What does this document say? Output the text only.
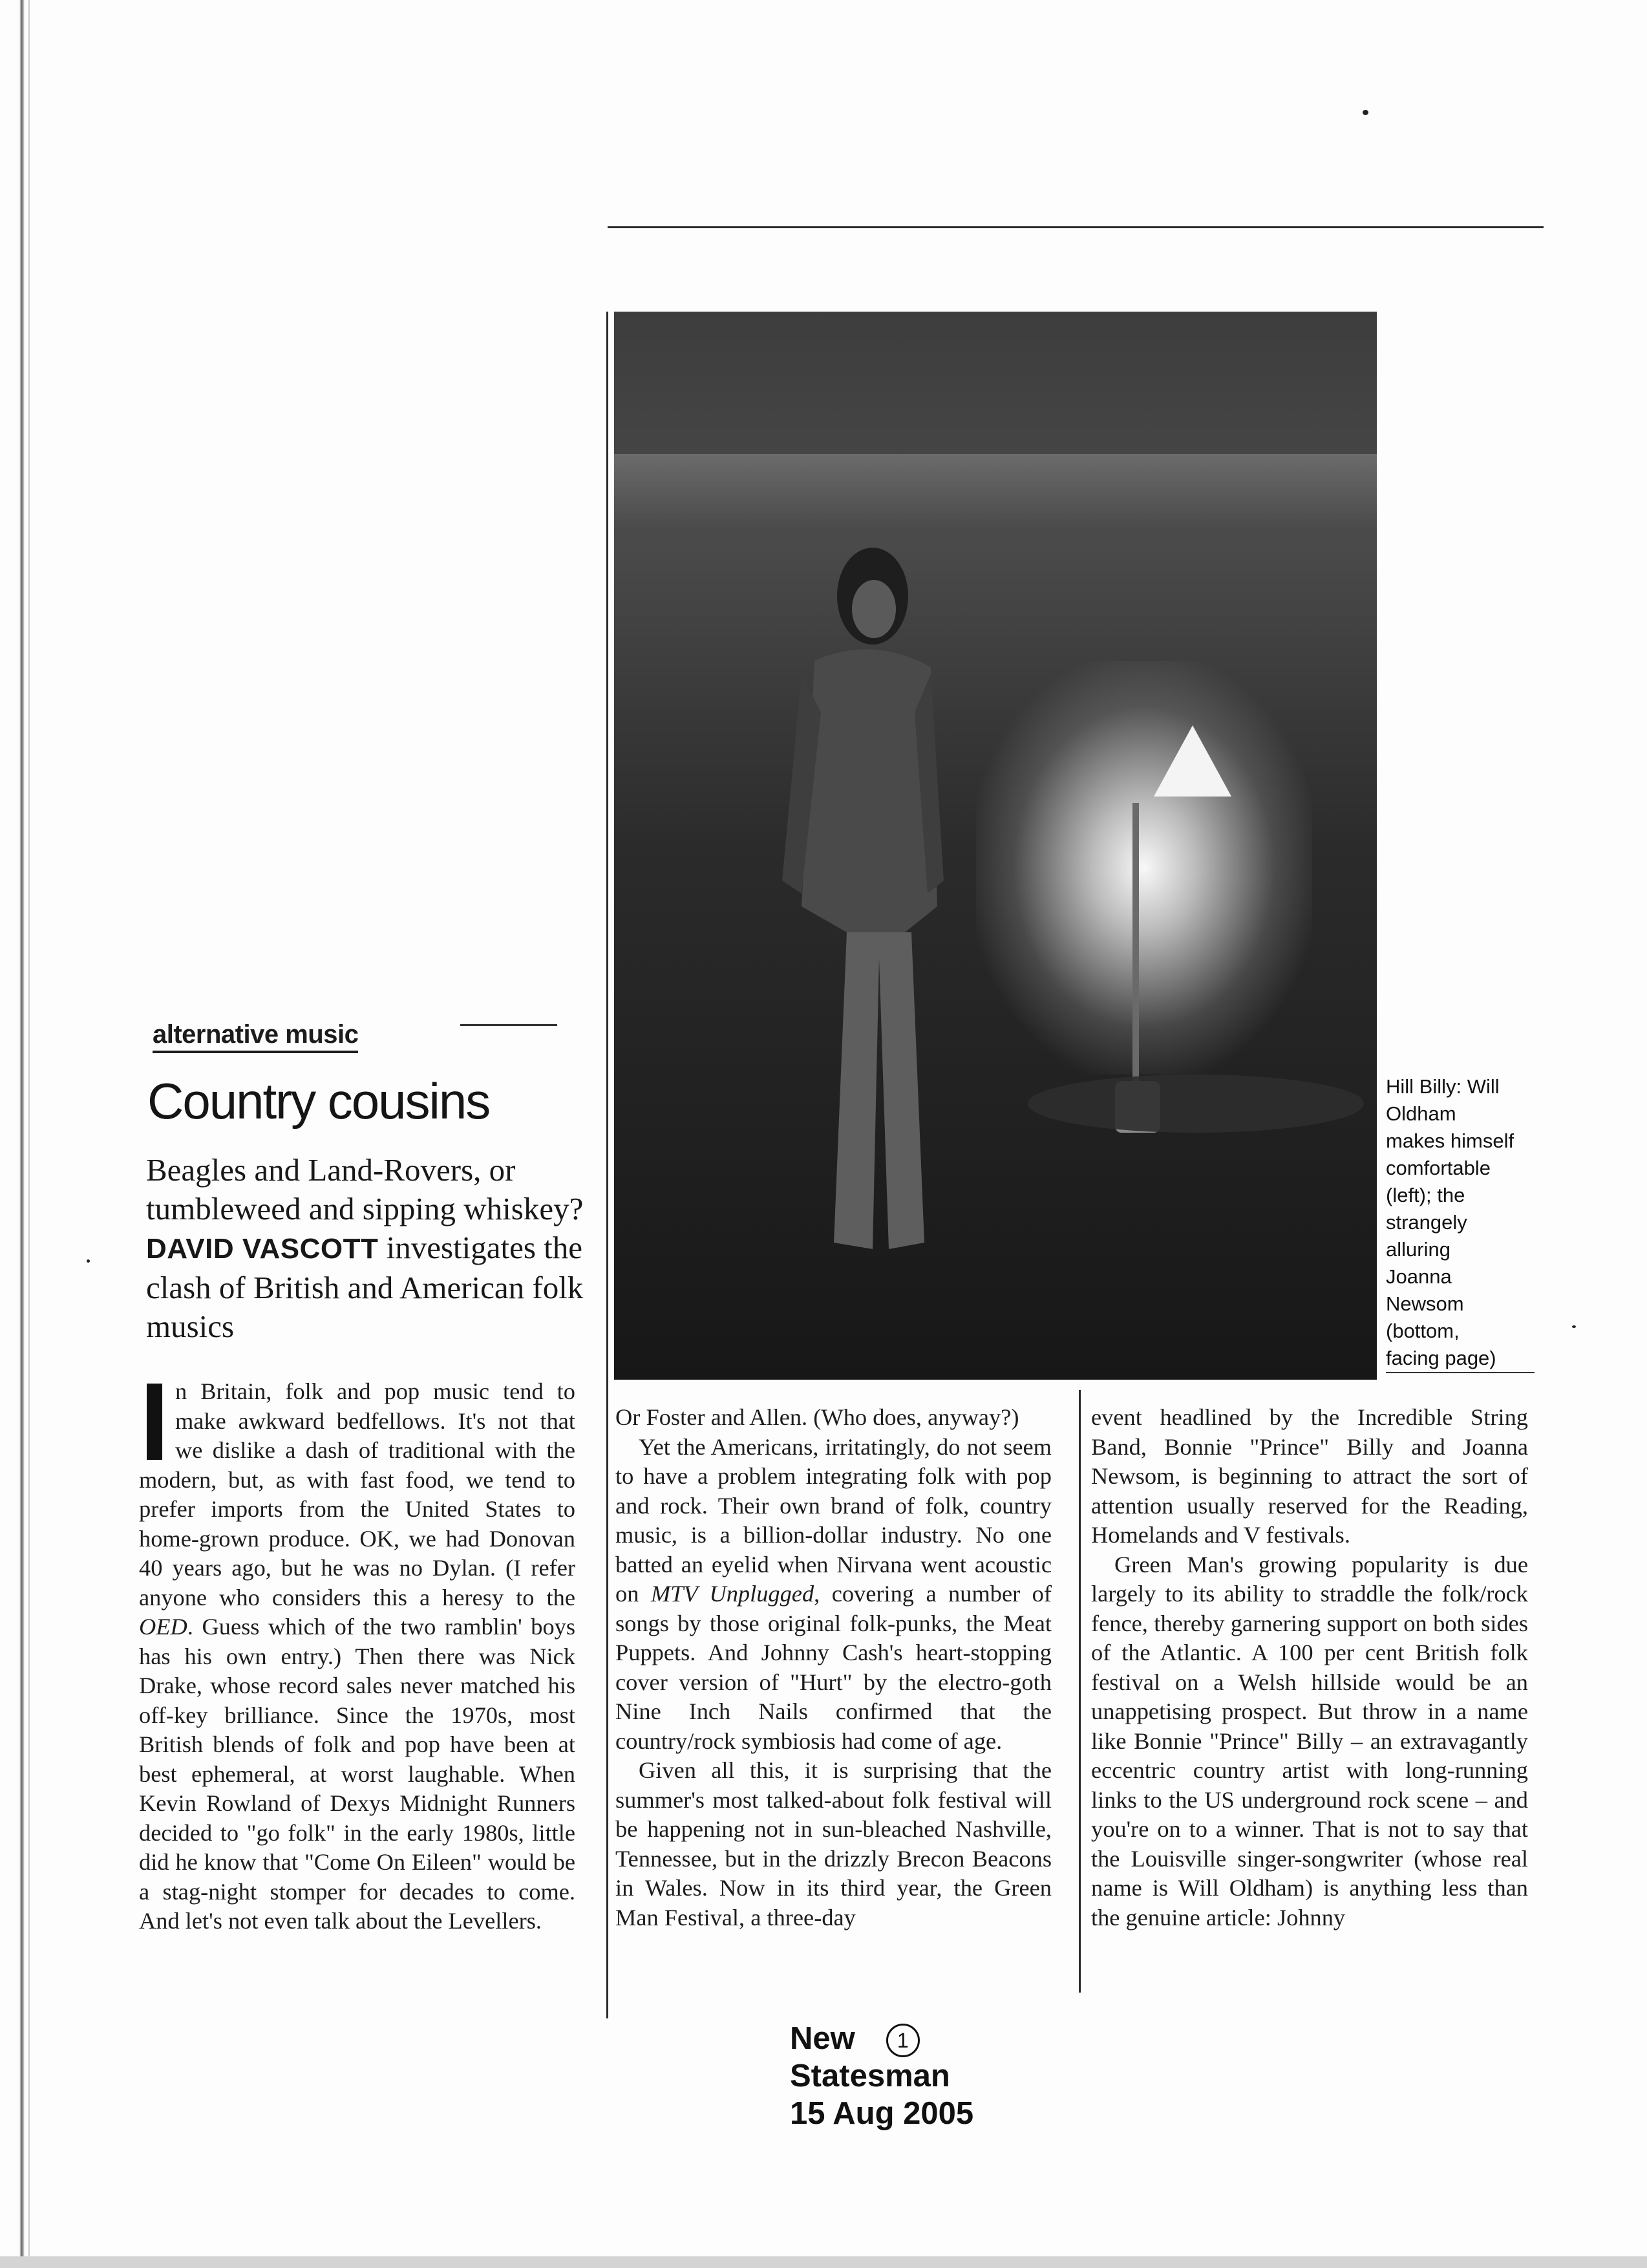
Hill Billy: Will Oldham makes himself comfortable (left); the strangely alluring Joanna Newsom (bottom, facing page)
alternative music
Country cousins
Beagles and Land-Rovers, or tumbleweed and sipping whiskey? DAVID VASCOTT investigates the clash of British and American folk musics

n Britain, folk and pop music tend to make awkward bedfellows. It's not that we dislike a dash of traditional with the modern, but, as with fast food, we tend to prefer imports from the United States to home-grown produce. OK, we had Donovan 40 years ago, but he was no Dylan. (I refer anyone who considers this a heresy to the OED. Guess which of the two ramblin' boys has his own entry.) Then there was Nick Drake, whose record sales never matched his off-key brilliance. Since the 1970s, most British blends of folk and pop have been at best ephemeral, at worst laughable. When Kevin Rowland of Dexys Midnight Runners decided to "go folk" in the early 1980s, little did he know that "Come On Eileen" would be a stag-night stomper for decades to come. And let's not even talk about the Levellers.

Or Foster and Allen. (Who does, anyway?)

Yet the Americans, irritatingly, do not seem to have a problem integrating folk with pop and rock. Their own brand of folk, country music, is a billion-dollar industry. No one batted an eyelid when Nirvana went acoustic on MTV Unplugged, covering a number of songs by those original folk-punks, the Meat Puppets. And Johnny Cash's heart-stopping cover version of "Hurt" by the electro-goth Nine Inch Nails confirmed that the country/rock symbiosis had come of age.

Given all this, it is surprising that the summer's most talked-about folk festival will be happening not in sun-bleached Nashville, Tennessee, but in the drizzly Brecon Beacons in Wales. Now in its third year, the Green Man Festival, a three-day

event headlined by the Incredible String Band, Bonnie "Prince" Billy and Joanna Newsom, is beginning to attract the sort of attention usually reserved for the Reading, Homelands and V festivals.

Green Man's growing popularity is due largely to its ability to straddle the folk/rock fence, thereby garnering support on both sides of the Atlantic. A 100 per cent British folk festival on a Welsh hillside would be an unappetising prospect. But throw in a name like Bonnie "Prince" Billy – an extravagantly eccentric country artist with long-running links to the US underground rock scene – and you're on to a winner. That is not to say that the Louisville singer-songwriter (whose real name is Will Oldham) is anything less than the genuine article: Johnny

New 1
Statesman
15 Aug 2005
